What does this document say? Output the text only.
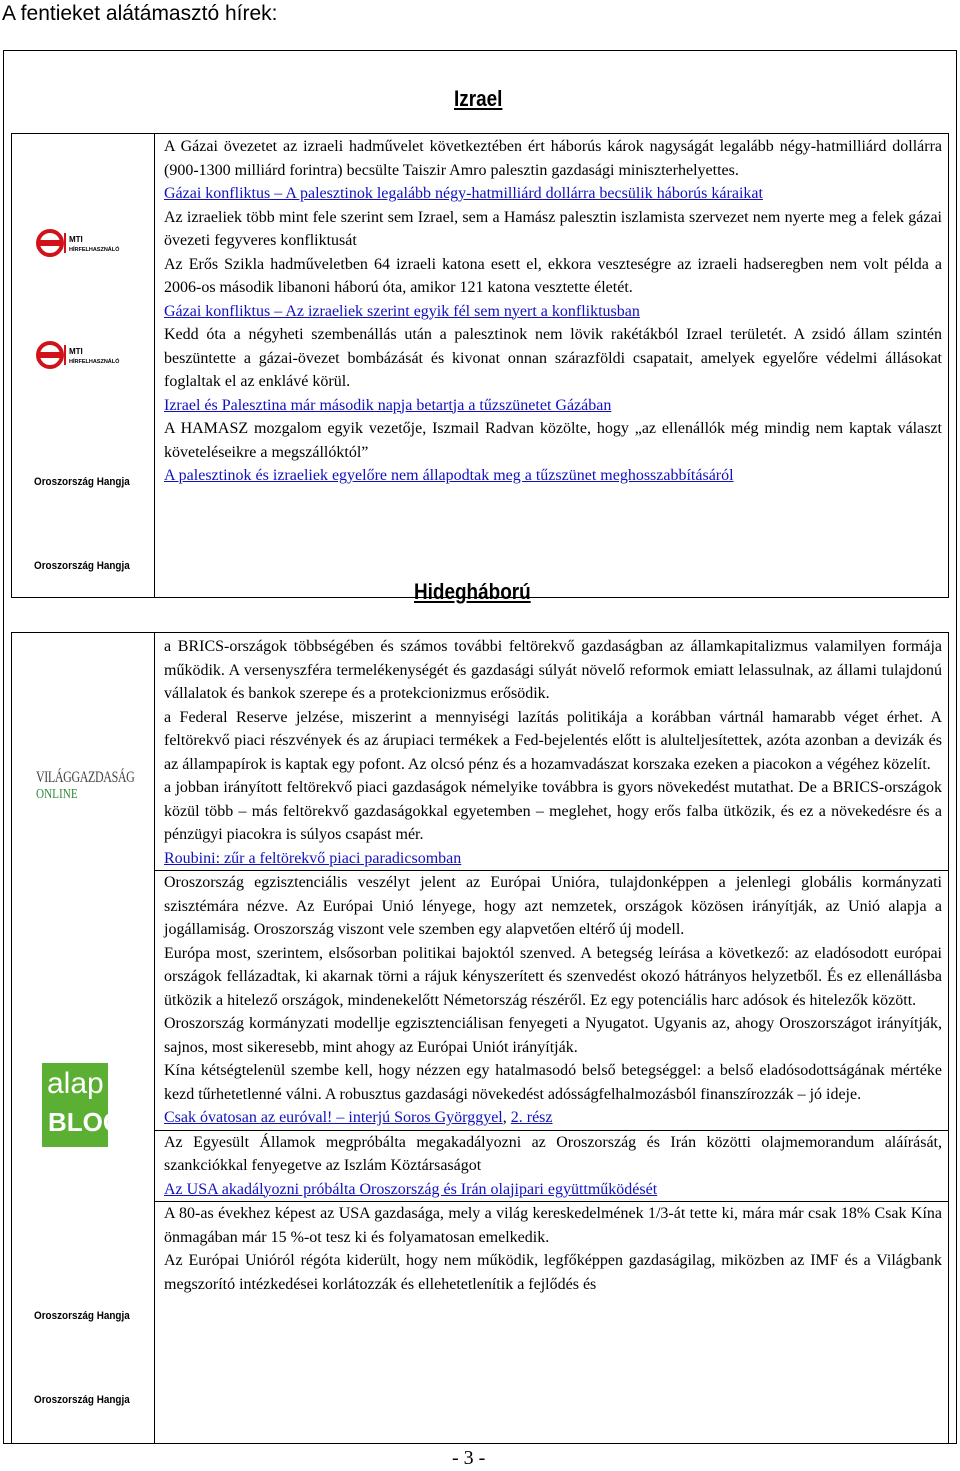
A fentieket alátámasztó hírek:
Izrael
MTI
HÍRFELHASZNÁLÓ
MTI
HÍRFELHASZNÁLÓ
Oroszország Hangja
Oroszország Hangja

A Gázai övezetet az izraeli hadművelet következtében ért háborús károk nagyságát legalább négy-hatmilliárd dollárra (900-1300 milliárd forintra) becsülte Taiszir Amro palesztin gazdasági miniszterhelyettes.

Gázai konfliktus – A palesztinok legalább négy-hatmilliárd dollárra becsülik háborús káraikat

Az izraeliek több mint fele szerint sem Izrael, sem a Hamász palesztin iszlamista szervezet nem nyerte meg a felek gázai övezeti fegyveres konfliktusát

Az Erős Szikla hadműveletben 64 izraeli katona esett el, ekkora veszteségre az izraeli hadseregben nem volt példa a 2006-os második libanoni háború óta, amikor 121 katona vesztette életét.

Gázai konfliktus – Az izraeliek szerint egyik fél sem nyert a konfliktusban

Kedd óta a négyheti szembenállás után a palesztinok nem lövik rakétákból Izrael területét. A zsidó állam szintén beszüntette a gázai-övezet bombázását és kivonat onnan szárazföldi csapatait, amelyek egyelőre védelmi állásokat foglaltak el az enklávé körül.

Izrael és Palesztina már második napja betartja a tűzszünetet Gázában

A HAMASZ mozgalom egyik vezetője, Iszmail Radvan közölte, hogy „az ellenállók még mindig nem kaptak választ követeléseikre a megszállóktól”

A palesztinok és izraeliek egyelőre nem állapodtak meg a tűzszünet meghosszabbításáról

Hidegháború
VILÁGGAZDASÁG
ONLINE
alap
BLOG
Oroszország Hangja
Oroszország Hangja

a BRICS-országok többségében és számos további feltörekvő gazdaságban az államkapitalizmus valamilyen formája működik. A versenyszféra termelékenységét és gazdasági súlyát növelő reformok emiatt lelassulnak, az állami tulajdonú vállalatok és bankok szerepe és a protekcionizmus erősödik.

a Federal Reserve jelzése, miszerint a mennyiségi lazítás politikája a korábban vártnál hamarabb véget érhet. A feltörekvő piaci részvények és az árupiaci termékek a Fed-bejelentés előtt is alulteljesítettek, azóta azonban a devizák és az állampapírok is kaptak egy pofont. Az olcsó pénz és a hozamvadászat korszaka ezeken a piacokon a végéhez közelít.

a jobban irányított feltörekvő piaci gazdaságok némelyike továbbra is gyors növekedést mutathat. De a BRICS-országok közül több – más feltörekvő gazdaságokkal egyetemben – meglehet, hogy erős falba ütközik, és ez a növekedésre és a pénzügyi piacokra is súlyos csapást mér.

Roubini: zűr a feltörekvő piaci paradicsomban

Oroszország egzisztenciális veszélyt jelent az Európai Unióra, tulajdonképpen a jelenlegi globális kormányzati szisztémára nézve. Az Európai Unió lényege, hogy azt nemzetek, országok közösen irányítják, az Unió alapja a jogállamiság. Oroszország viszont vele szemben egy alapvetően eltérő új modell.

Európa most, szerintem, elsősorban politikai bajoktól szenved. A betegség leírása a következő: az eladósodott európai országok fellázadtak, ki akarnak törni a rájuk kényszerített és szenvedést okozó hátrányos helyzetből. És ez ellenállásba ütközik a hitelező országok, mindenekelőtt Németország részéről. Ez egy potenciális harc adósok és hitelezők között.

Oroszország kormányzati modellje egzisztenciálisan fenyegeti a Nyugatot. Ugyanis az, ahogy Oroszországot irányítják, sajnos, most sikeresebb, mint ahogy az Európai Uniót irányítják.

Kína kétségtelenül szembe kell, hogy nézzen egy hatalmasodó belső betegséggel: a belső eladósodottságának mértéke kezd tűrhetetlenné válni. A robusztus gazdasági növekedést adósságfelhalmozásból finanszírozzák – jó ideje.

Csak óvatosan az euróval! – interjú Soros Györggyel, 2. rész

Az Egyesült Államok megpróbálta megakadályozni az Oroszország és Irán közötti olajmemorandum aláírását, szankciókkal fenyegetve az Iszlám Köztársaságot

Az USA akadályozni próbálta Oroszország és Irán olajipari együttműködését

A 80-as évekhez képest az USA gazdasága, mely a világ kereskedelmének 1/3-át tette ki, mára már csak 18% Csak Kína önmagában már 15 %-ot tesz ki és folyamatosan emelkedik.

Az Európai Unióról régóta kiderült, hogy nem működik, legfőképpen gazdaságilag, miközben az IMF és a Világbank megszorító intézkedései korlátozzák és ellehetetlenítik a fejlődés és

- 3 -
